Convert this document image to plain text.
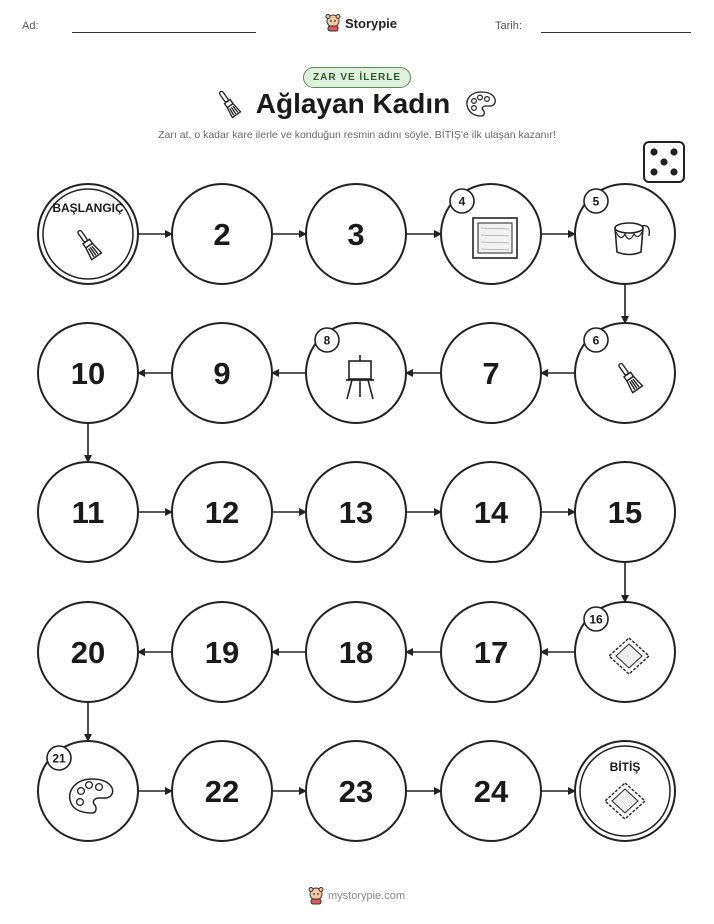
Ad:	Storypie	Tarih:
ZAR VE İLERLE
Ağlayan Kadın
Zarı at, o kadar kare ilerle ve konduğun resmin adını söyle. BİTİŞ'e ilk ulaşan kazanır!
BAŞLANGIÇ
2	3
4	5
10	9
8
7
6
11	12	13	14	15
20	19	18	17
16
21
22	23	24
BİTİŞ
mystorypie.com
